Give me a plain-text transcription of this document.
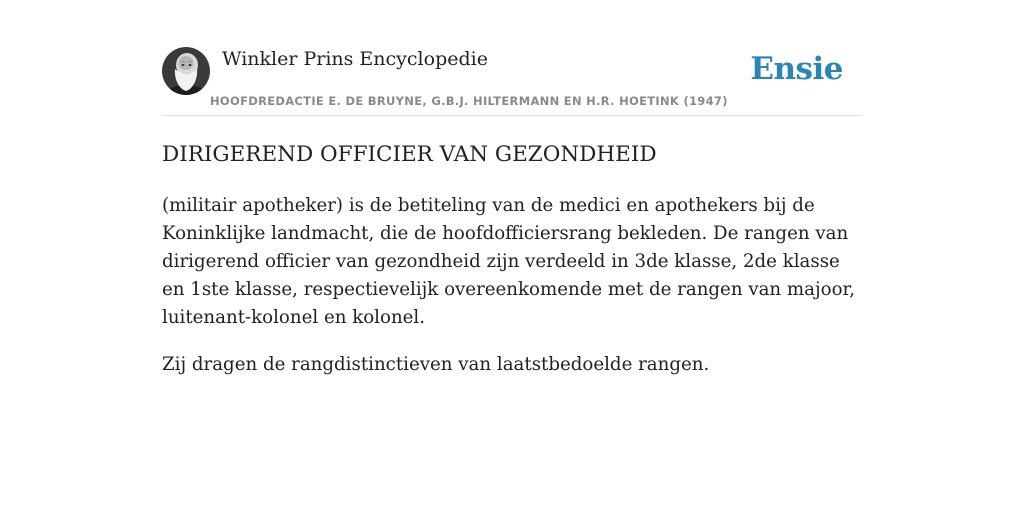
Winkler Prins Encyclopedie
HOOFDREDACTIE E. DE BRUYNE, G.B.J. HILTERMANN EN H.R. HOETINK (1947)
Ensie
DIRIGEREND OFFICIER VAN GEZONDHEID

(militair apotheker) is de betiteling van de medici en apothekers bij de Koninklijke landmacht, die de hoofdofficiersrang bekleden. De rangen van dirigerend officier van gezondheid zijn verdeeld in 3de klasse, 2de klasse en 1ste klasse, respectievelijk overeenkomende met de rangen van majoor, luitenant-kolonel en kolonel.

Zij dragen de rangdistinctieven van laatstbedoelde rangen.
